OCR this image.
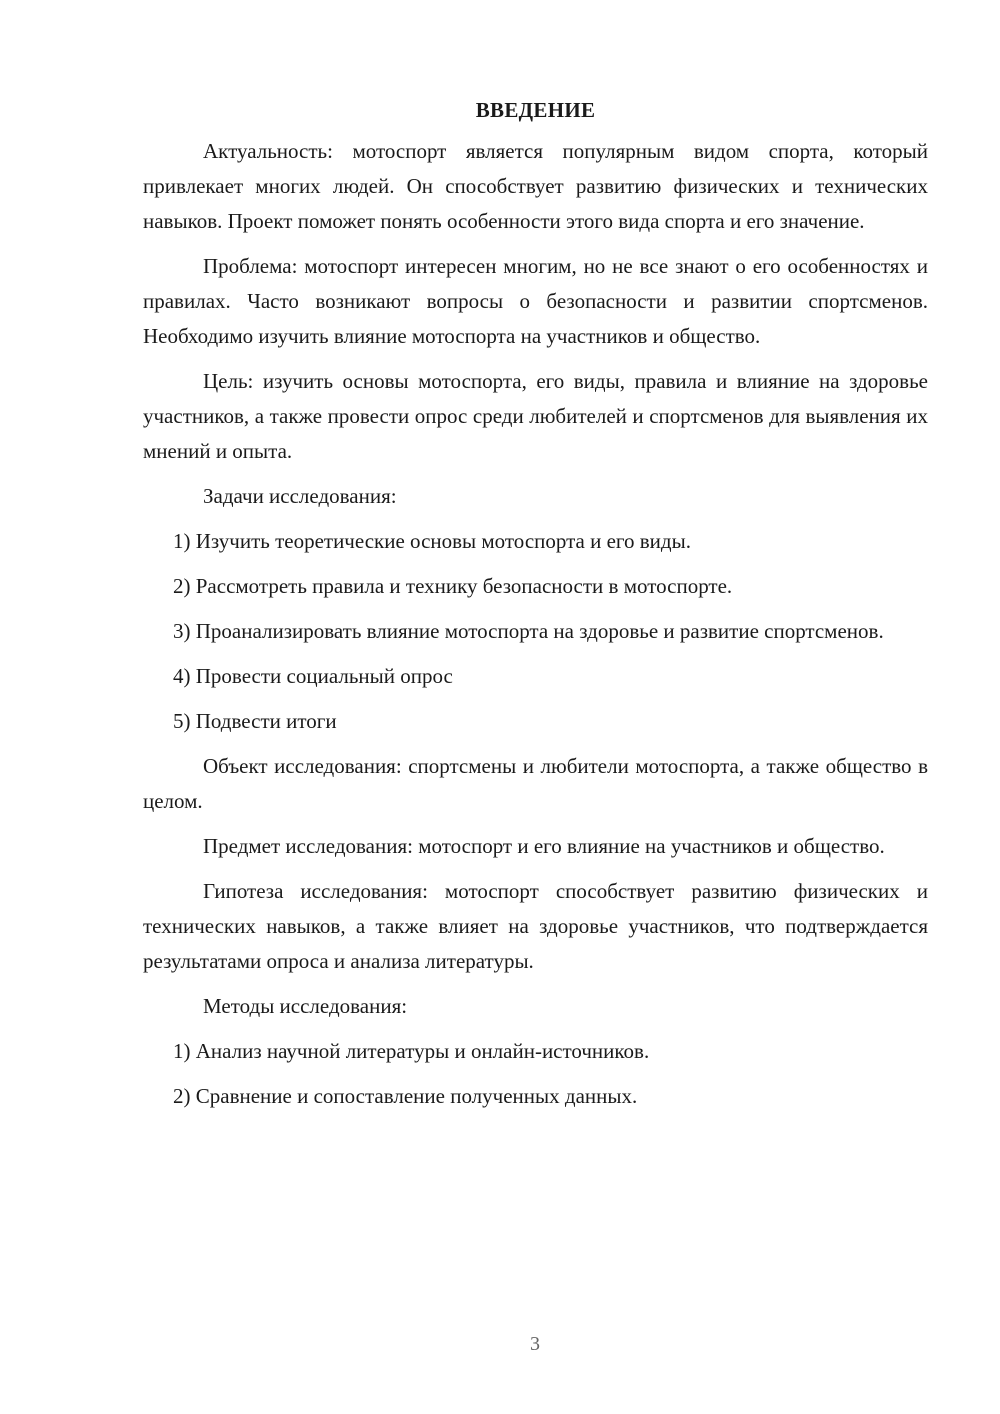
ВВЕДЕНИЕ

Актуальность: мотоспорт является популярным видом спорта, который привлекает многих людей. Он способствует развитию физических и технических навыков. Проект поможет понять особенности этого вида спорта и его значение.

Проблема: мотоспорт интересен многим, но не все знают о его особенностях и правилах. Часто возникают вопросы о безопасности и развитии спортсменов. Необходимо изучить влияние мотоспорта на участников и общество.

Цель: изучить основы мотоспорта, его виды, правила и влияние на здоровье участников, а также провести опрос среди любителей и спортсменов для выявления их мнений и опыта.

Задачи исследования:

1) Изучить теоретические основы мотоспорта и его виды.

2) Рассмотреть правила и технику безопасности в мотоспорте.

3) Проанализировать влияние мотоспорта на здоровье и развитие спортсменов.

4) Провести социальный опрос

5) Подвести итоги

Объект исследования: спортсмены и любители мотоспорта, а также общество в целом.

Предмет исследования: мотоспорт и его влияние на участников и общество.

Гипотеза исследования: мотоспорт способствует развитию физических и технических навыков, а также влияет на здоровье участников, что подтверждается результатами опроса и анализа литературы.

Методы исследования:

1) Анализ научной литературы и онлайн-источников.

2) Сравнение и сопоставление полученных данных.

3
